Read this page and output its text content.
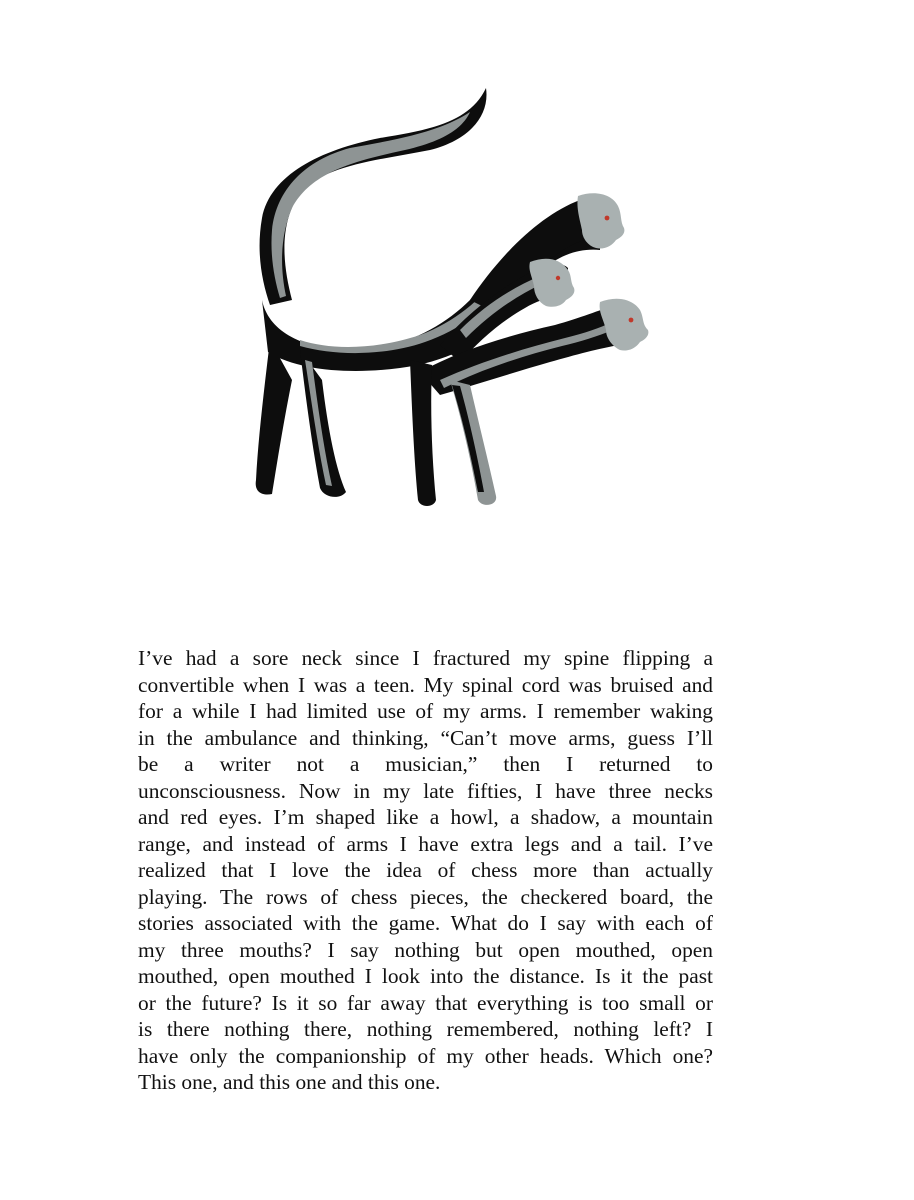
I’ve had a sore neck since I fractured my spine flipping a
convertible when I was a teen. My spinal cord was bruised and
for a while I had limited use of my arms. I remember waking
in the ambulance and thinking, “Can’t move arms, guess I’ll
be a writer not a musician,” then I returned to
unconsciousness. Now in my late fifties, I have three necks
and red eyes. I’m shaped like a howl, a shadow, a mountain
range, and instead of arms I have extra legs and a tail. I’ve
realized that I love the idea of chess more than actually
playing. The rows of chess pieces, the checkered board, the
stories associated with the game. What do I say with each of
my three mouths? I say nothing but open mouthed, open
mouthed, open mouthed I look into the distance. Is it the past
or the future? Is it so far away that everything is too small or
is there nothing there, nothing remembered, nothing left? I
have only the companionship of my other heads. Which one?
This one, and this one and this one.
